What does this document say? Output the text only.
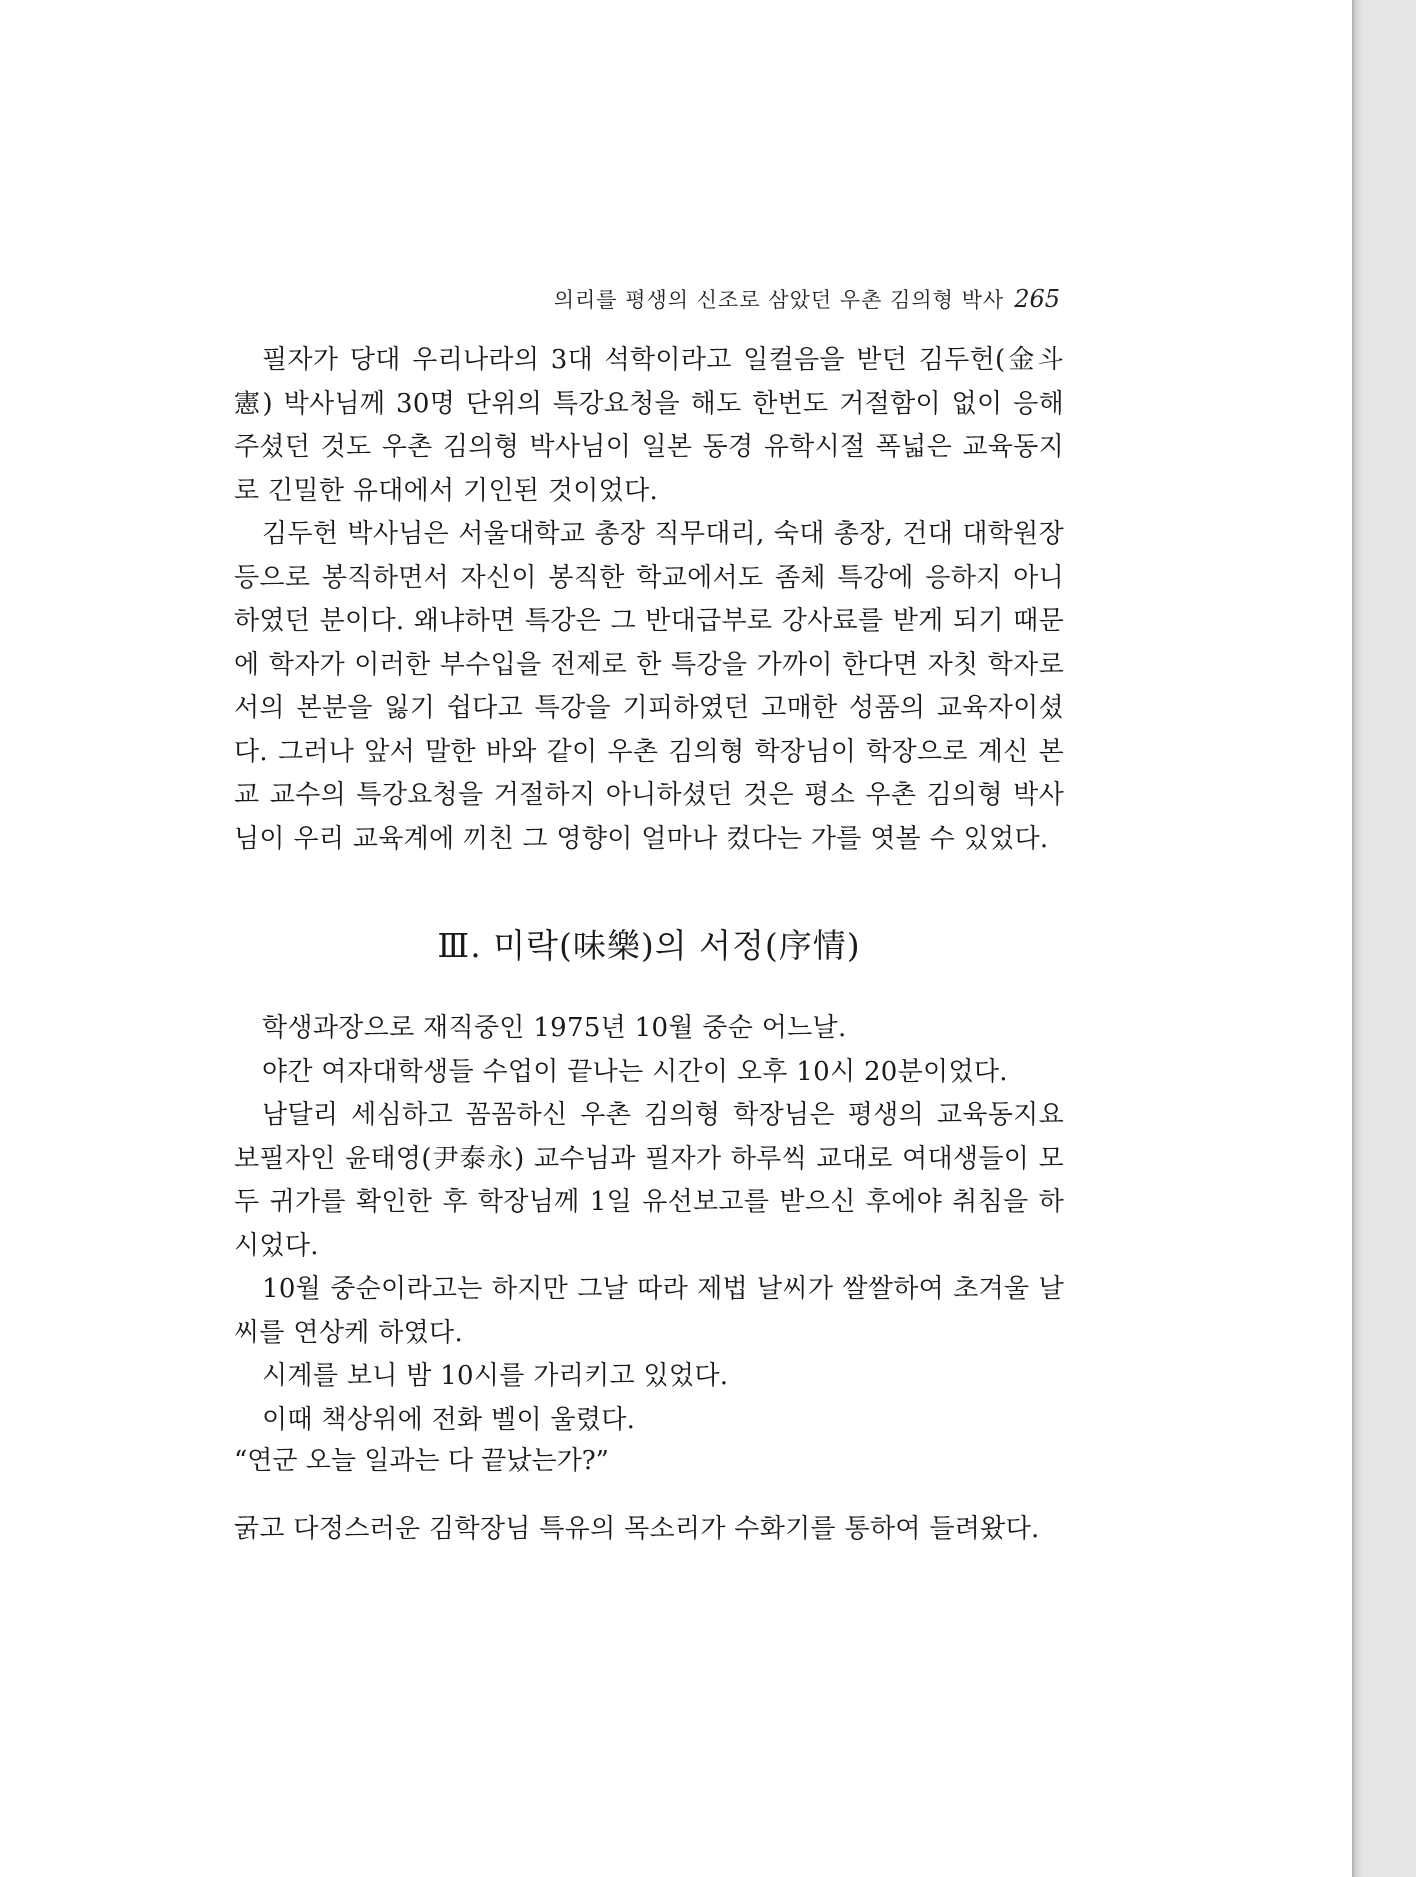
의리를 평생의 신조로 삼았던 우촌 김의형 박사 265

필자가 당대 우리나라의 3대 석학이라고 일컬음을 받던 김두헌(金斗憲) 박사님께 30명 단위의 특강요청을 해도 한번도 거절함이 없이 응해 주셨던 것도 우촌 김의형 박사님이 일본 동경 유학시절 폭넓은 교육동지로 긴밀한 유대에서 기인된 것이었다.

김두헌 박사님은 서울대학교 총장 직무대리, 숙대 총장, 건대 대학원장 등으로 봉직하면서 자신이 봉직한 학교에서도 좀체 특강에 응하지 아니하였던 분이다. 왜냐하면 특강은 그 반대급부로 강사료를 받게 되기 때문에 학자가 이러한 부수입을 전제로 한 특강을 가까이 한다면 자칫 학자로서의 본분을 잃기 쉽다고 특강을 기피하였던 고매한 성품의 교육자이셨다. 그러나 앞서 말한 바와 같이 우촌 김의형 학장님이 학장으로 계신 본교 교수의 특강요청을 거절하지 아니하셨던 것은 평소 우촌 김의형 박사님이 우리 교육계에 끼친 그 영향이 얼마나 컸다는 가를 엿볼 수 있었다.

Ⅲ. 미락(味樂)의 서정(序情)

학생과장으로 재직중인 1975년 10월 중순 어느날.

야간 여자대학생들 수업이 끝나는 시간이 오후 10시 20분이었다.

남달리 세심하고 꼼꼼하신 우촌 김의형 학장님은 평생의 교육동지요 보필자인 윤태영(尹泰永) 교수님과 필자가 하루씩 교대로 여대생들이 모두 귀가를 확인한 후 학장님께 1일 유선보고를 받으신 후에야 취침을 하시었다.

10월 중순이라고는 하지만 그날 따라 제법 날씨가 쌀쌀하여 초겨울 날씨를 연상케 하였다.

시계를 보니 밤 10시를 가리키고 있었다.

이때 책상위에 전화 벨이 울렸다.

“연군 오늘 일과는 다 끝났는가?”

굵고 다정스러운 김학장님 특유의 목소리가 수화기를 통하여 들려왔다.
